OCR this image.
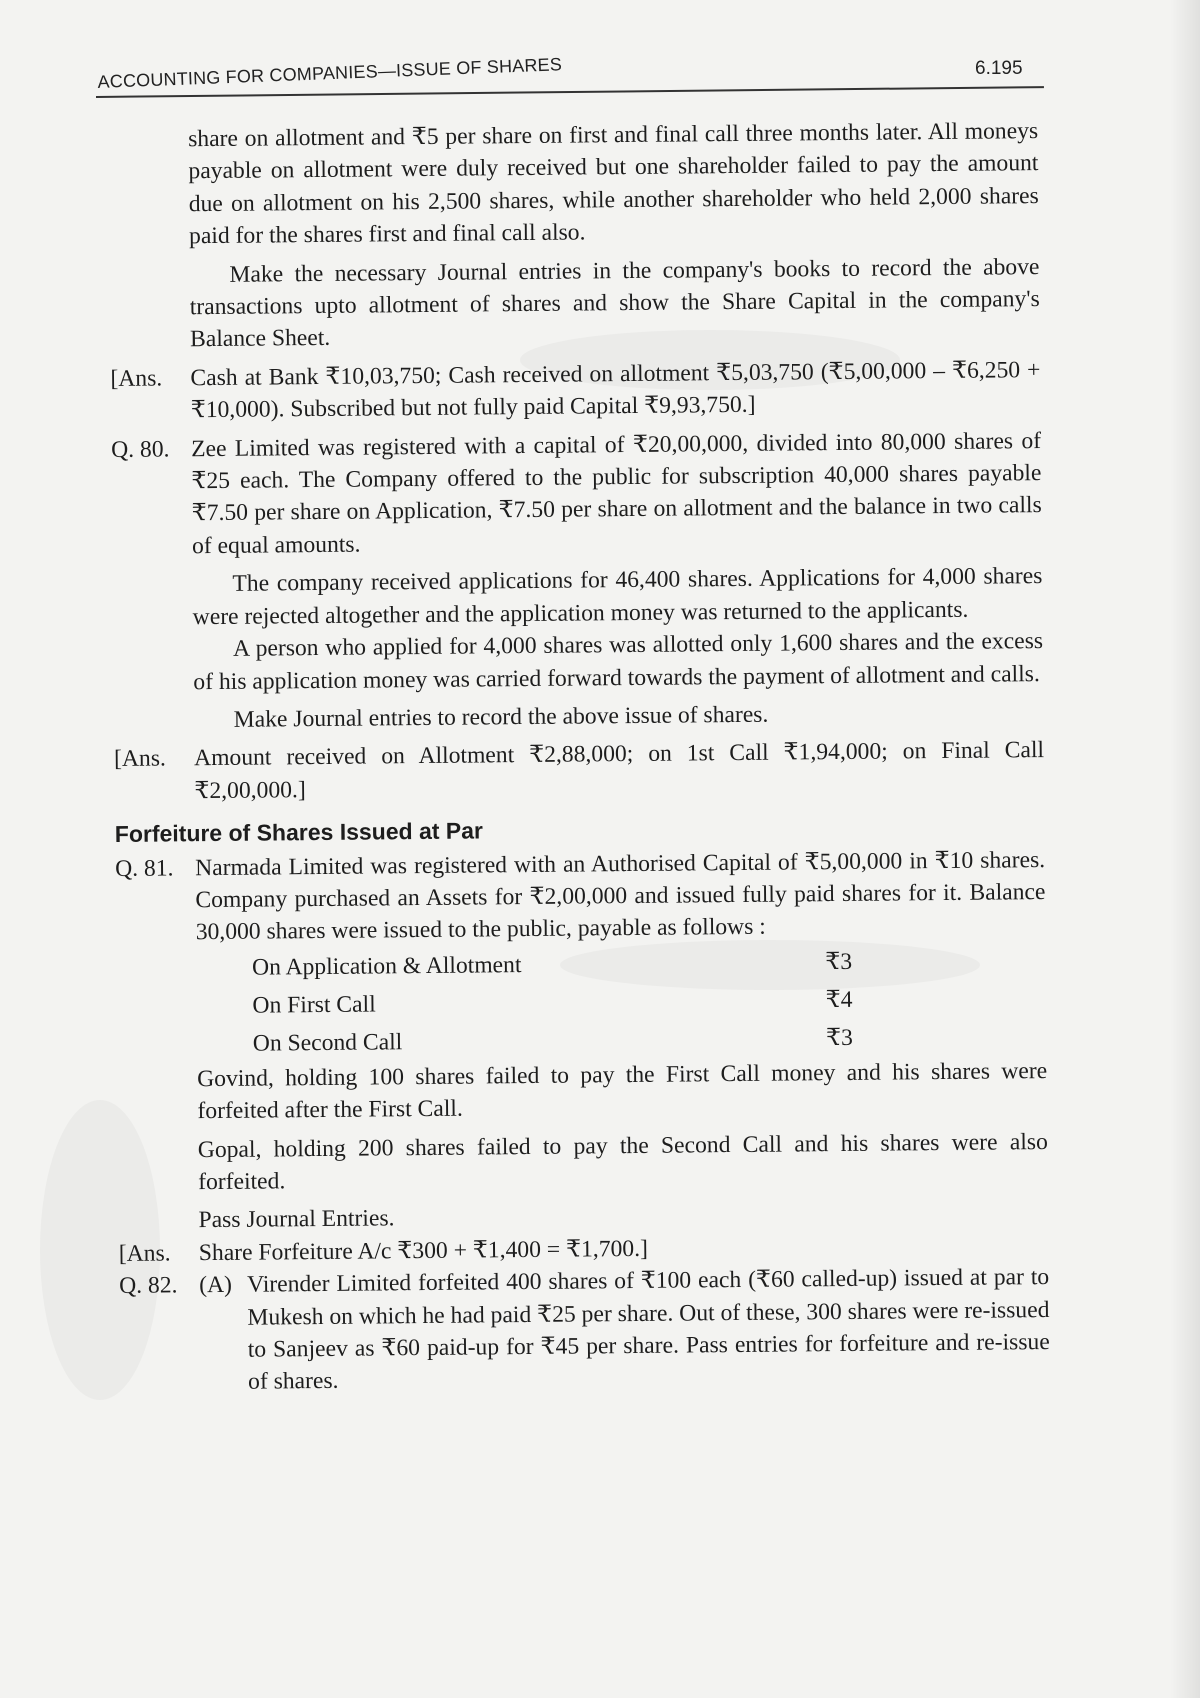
ACCOUNTING FOR COMPANIES—ISSUE OF SHARES	6.195

share on allotment and ₹5 per share on first and final call three months later. All moneys payable on allotment were duly received but one shareholder failed to pay the amount due on allotment on his 2,500 shares, while another shareholder who held 2,000 shares paid for the shares first and final call also.

Make the necessary Journal entries in the company's books to record the above transactions upto allotment of shares and show the Share Capital in the company's Balance Sheet.

[Ans.	Cash at Bank ₹10,03,750; Cash received on allotment ₹5,03,750 (₹5,00,000 – ₹6,250 + ₹10,000). Subscribed but not fully paid Capital ₹9,93,750.]
Q. 80. Zee Limited was registered with a capital of ₹20,00,000, divided into 80,000 shares of ₹25 each. The Company offered to the public for subscription 40,000 shares payable ₹7.50 per share on Application, ₹7.50 per share on allotment and the balance in two calls of equal amounts.

The company received applications for 46,400 shares. Applications for 4,000 shares were rejected altogether and the application money was returned to the applicants.

A person who applied for 4,000 shares was allotted only 1,600 shares and the excess of his application money was carried forward towards the payment of allotment and calls.

Make Journal entries to record the above issue of shares.

[Ans.	Amount received on Allotment ₹2,88,000; on 1st Call ₹1,94,000; on Final Call ₹2,00,000.]
Forfeiture of Shares Issued at Par
Q. 81. Narmada Limited was registered with an Authorised Capital of ₹5,00,000 in ₹10 shares. Company purchased an Assets for ₹2,00,000 and issued fully paid shares for it. Balance 30,000 shares were issued to the public, payable as follows :
On Application & Allotment	₹3
On First Call	₹4
On Second Call	₹3

Govind, holding 100 shares failed to pay the First Call money and his shares were forfeited after the First Call.

Gopal, holding 200 shares failed to pay the Second Call and his shares were also forfeited.

Pass Journal Entries.

[Ans.	Share Forfeiture A/c ₹300 + ₹1,400 = ₹1,700.]
Q. 82. (A) Virender Limited forfeited 400 shares of ₹100 each (₹60 called-up) issued at par to Mukesh on which he had paid ₹25 per share. Out of these, 300 shares were re-issued to Sanjeev as ₹60 paid-up for ₹45 per share. Pass entries for forfeiture and re-issue of shares.
